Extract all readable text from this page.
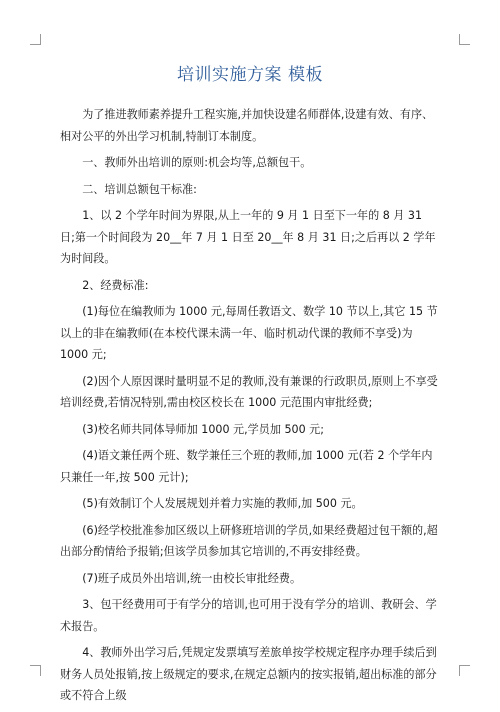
培训实施方案 模板

为了推进教师素养提升工程实施,并加快设建名师群体,设建有效、有序、相对公平的外出学习机制,特制订本制度。

一、教师外出培训的原则:机会均等,总额包干。

二、培训总额包干标准:

1、以 2 个学年时间为界限,从上一年的 9 月 1 日至下一年的 8 月 31 日;第一个时间段为 20__年 7 月 1 日至 20__年 8 月 31 日;之后再以 2 学年为时间段。

2、经费标准:

(1)每位在编教师为 1000 元,每周任教语文、数学 10 节以上,其它 15 节以上的非在编教师(在本校代课未满一年、临时机动代课的教师不享受)为 1000 元;

(2)因个人原因课时量明显不足的教师,没有兼课的行政职员,原则上不享受培训经费,若情况特别,需由校区校长在 1000 元范围内审批经费;

(3)校名师共同体导师加 1000 元,学员加 500 元;

(4)语文兼任两个班、数学兼任三个班的教师,加 1000 元(若 2 个学年内只兼任一年,按 500 元计);

(5)有效制订个人发展规划并着力实施的教师,加 500 元。

(6)经学校批准参加区级以上研修班培训的学员,如果经费超过包干额的,超出部分酌情给予报销;但该学员参加其它培训的,不再安排经费。

(7)班子成员外出培训,统一由校长审批经费。

3、包干经费用可于有学分的培训,也可用于没有学分的培训、教研会、学术报告。

4、教师外出学习后,凭规定发票填写差旅单按学校规定程序办理手续后到财务人员处报销,按上级规定的要求,在规定总额内的按实报销,超出标准的部分或不符合上级
